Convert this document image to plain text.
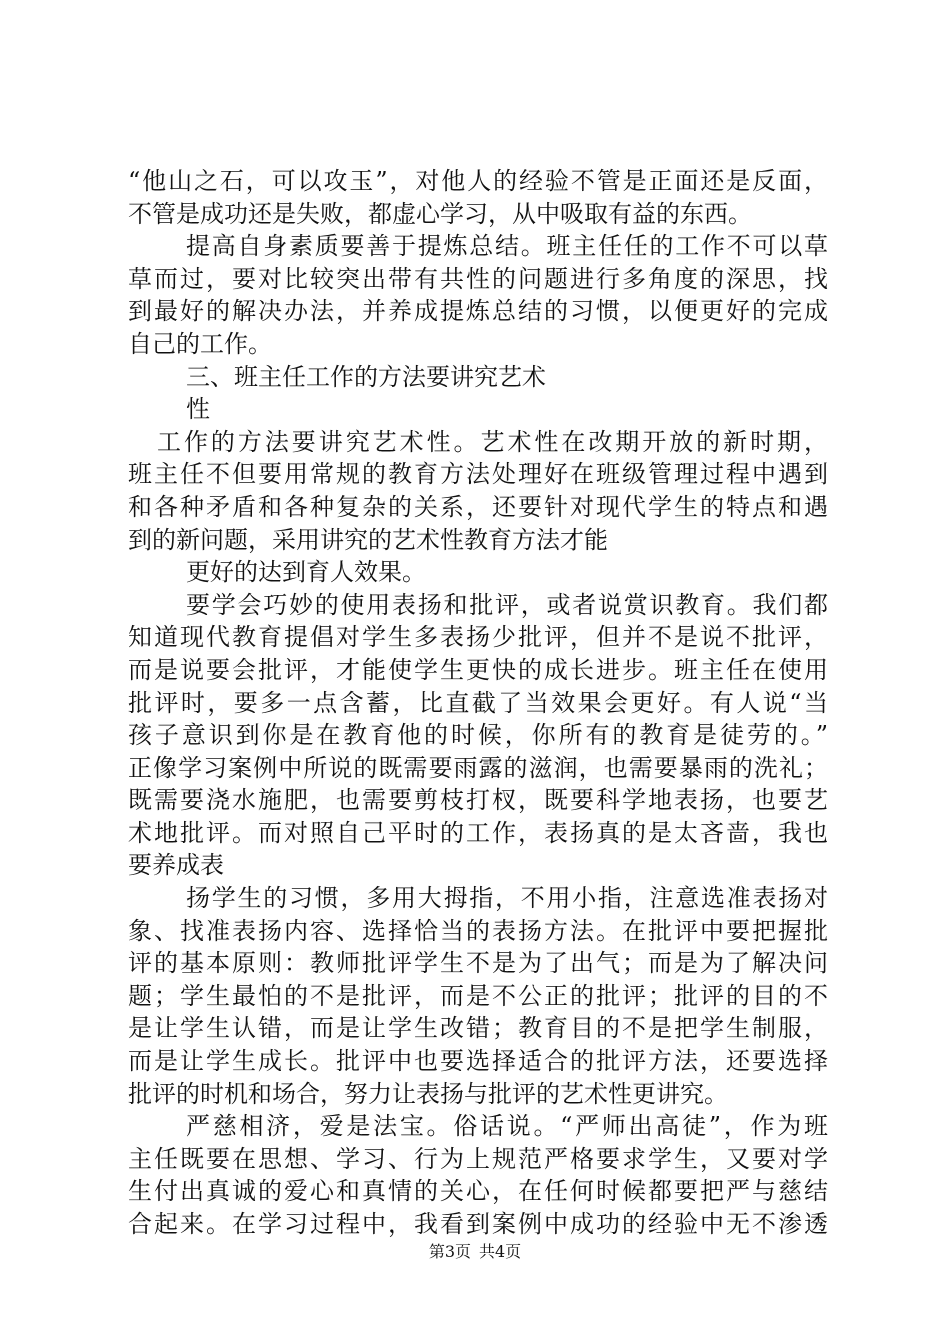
“他山之石，可以攻玉”，对他人的经验不管是正面还是反面，
不管是成功还是失败，都虚心学习，从中吸取有益的东西。
提高自身素质要善于提炼总结。班主任任的工作不可以草
草而过，要对比较突出带有共性的问题进行多角度的深思，找
到最好的解决办法，并养成提炼总结的习惯，以便更好的完成
自己的工作。
三、班主任工作的方法要讲究艺术
性
工作的方法要讲究艺术性。艺术性在改期开放的新时期，
班主任不但要用常规的教育方法处理好在班级管理过程中遇到
和各种矛盾和各种复杂的关系，还要针对现代学生的特点和遇
到的新问题，采用讲究的艺术性教育方法才能
更好的达到育人效果。
要学会巧妙的使用表扬和批评，或者说赏识教育。我们都
知道现代教育提倡对学生多表扬少批评，但并不是说不批评，
而是说要会批评，才能使学生更快的成长进步。班主任在使用
批评时，要多一点含蓄，比直截了当效果会更好。有人说“当
孩子意识到你是在教育他的时候，你所有的教育是徒劳的。”
正像学习案例中所说的既需要雨露的滋润，也需要暴雨的洗礼；
既需要浇水施肥，也需要剪枝打杈，既要科学地表扬，也要艺
术地批评。而对照自己平时的工作，表扬真的是太吝啬，我也
要养成表
扬学生的习惯，多用大拇指，不用小指，注意选准表扬对
象、找准表扬内容、选择恰当的表扬方法。在批评中要把握批
评的基本原则：教师批评学生不是为了出气；而是为了解决问
题；学生最怕的不是批评，而是不公正的批评；批评的目的不
是让学生认错，而是让学生改错；教育目的不是把学生制服，
而是让学生成长。批评中也要选择适合的批评方法，还要选择
批评的时机和场合，努力让表扬与批评的艺术性更讲究。
严慈相济，爱是法宝。俗话说。“严师出高徒”，作为班
主任既要在思想、学习、行为上规范严格要求学生，又要对学
生付出真诚的爱心和真情的关心，在任何时候都要把严与慈结
合起来。在学习过程中，我看到案例中成功的经验中无不渗透
第3页 共4页
